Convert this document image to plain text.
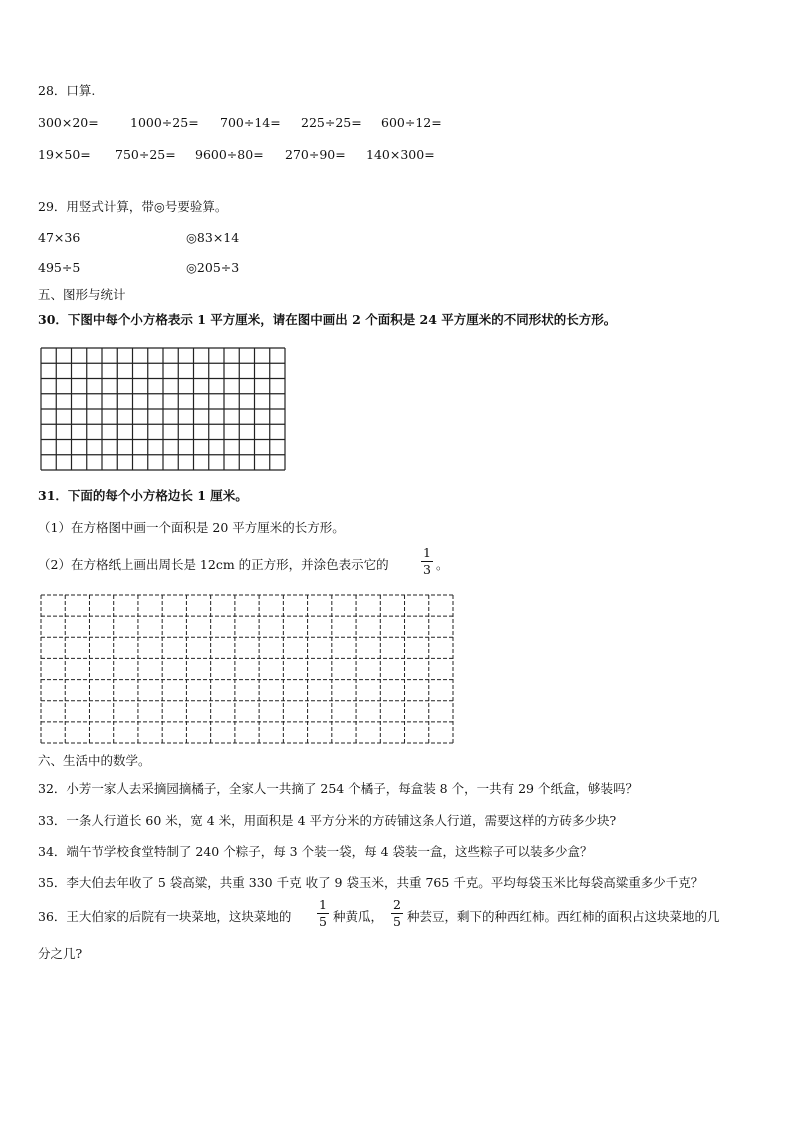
28．口算.
300×20=	1000÷25= 700÷14= 225÷25= 600÷12=
19×50= 750÷25= 9600÷80= 270÷90= 140×300=
29．用竖式计算，带◎号要验算。
47×36	◎83×14
495÷5	◎205÷3
五、图形与统计
30．下图中每个小方格表示 1 平方厘米，请在图中画出 2 个面积是 24 平方厘米的不同形状的长方形。
31．下面的每个小方格边长 1 厘米。
（1）在方格图中画一个面积是 20 平方厘米的长方形。
（2）在方格纸上画出周长是 12cm 的正方形，并涂色表示它的
1
3 。
六、生活中的数学。
32．小芳一家人去采摘园摘橘子，全家人一共摘了 254 个橘子，每盒装 8 个，一共有 29 个纸盒，够装吗？
33．一条人行道长 60 米，宽 4 米，用面积是 4 平方分米的方砖铺这条人行道，需要这样的方砖多少块?
34．端午节学校食堂特制了 240 个粽子，每 3 个装一袋，每 4 袋装一盒，这些粽子可以装多少盒？
35．李大伯去年收了 5 袋高粱，共重 330 千克 收了 9 袋玉米，共重 765 千克。平均每袋玉米比每袋高粱重多少千克？
36．王大伯家的后院有一块菜地，这块菜地的
1
5 种黄瓜，
2
5 种芸豆，剩下的种西红柿。西红柿的面积占这块菜地的几
分之几?
